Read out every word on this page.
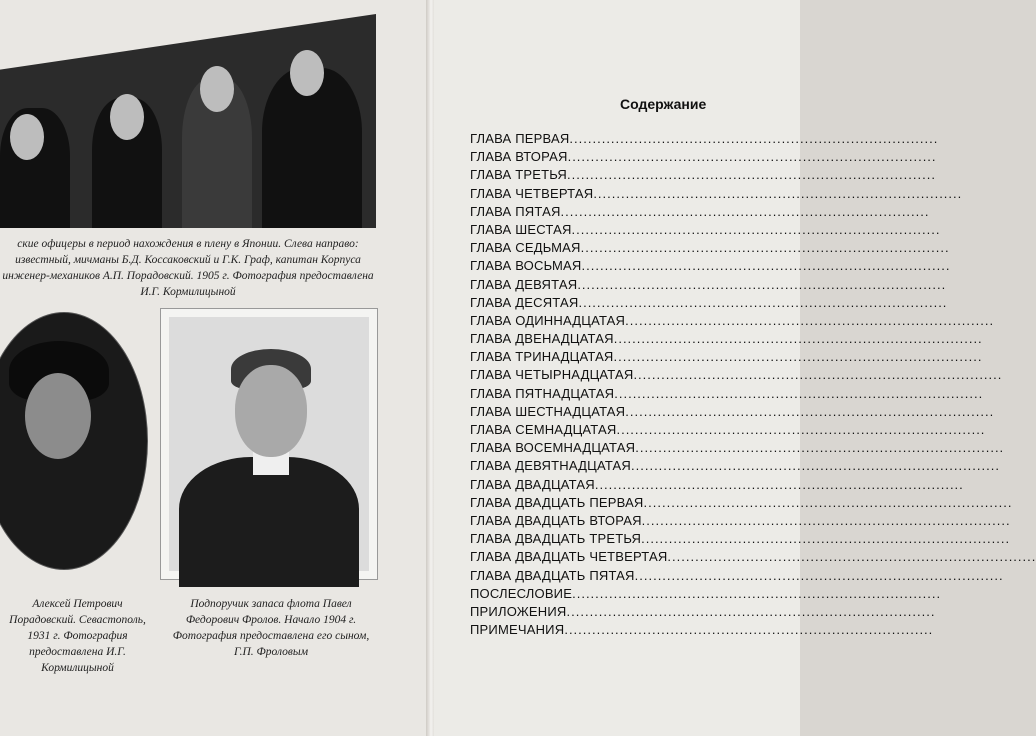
ские офицеры в период нахождения в плену в Японии. Слева направо: известный, мичманы Б.Д. Коссаковский и Г.К. Граф, капитан Корпуса инженер-механиков А.П. Порадовский. 1905 г. Фотография предоставлена И.Г. Кормилицыной
Алексей Петрович Порадовский. Севастополь, 1931 г. Фотография предоставлена И.Г. Кормилицыной
Подпоручик запаса флота Павел Федорович Фролов. Начало 1904 г. Фотография предоставлена его сыном, Г.П. Фроловым
Содержание
ГЛАВА ПЕРВАЯ................................................................................
ГЛАВА ВТОРАЯ................................................................................
ГЛАВА ТРЕТЬЯ................................................................................
ГЛАВА ЧЕТВЕРТАЯ................................................................................
ГЛАВА ПЯТАЯ................................................................................
ГЛАВА ШЕСТАЯ................................................................................
ГЛАВА СЕДЬМАЯ................................................................................
ГЛАВА ВОСЬМАЯ................................................................................
ГЛАВА ДЕВЯТАЯ................................................................................
ГЛАВА ДЕСЯТАЯ................................................................................
ГЛАВА ОДИННАДЦАТАЯ................................................................................
ГЛАВА ДВЕНАДЦАТАЯ................................................................................
ГЛАВА ТРИНАДЦАТАЯ................................................................................
ГЛАВА ЧЕТЫРНАДЦАТАЯ................................................................................
ГЛАВА ПЯТНАДЦАТАЯ................................................................................
ГЛАВА ШЕСТНАДЦАТАЯ................................................................................
ГЛАВА СЕМНАДЦАТАЯ................................................................................
ГЛАВА ВОСЕМНАДЦАТАЯ................................................................................
ГЛАВА ДЕВЯТНАДЦАТАЯ................................................................................
ГЛАВА ДВАДЦАТАЯ................................................................................
ГЛАВА ДВАДЦАТЬ ПЕРВАЯ................................................................................
ГЛАВА ДВАДЦАТЬ ВТОРАЯ................................................................................
ГЛАВА ДВАДЦАТЬ ТРЕТЬЯ................................................................................
ГЛАВА ДВАДЦАТЬ ЧЕТВЕРТАЯ................................................................................
ГЛАВА ДВАДЦАТЬ ПЯТАЯ................................................................................
ПОСЛЕСЛОВИЕ................................................................................
ПРИЛОЖЕНИЯ................................................................................
ПРИМЕЧАНИЯ................................................................................
